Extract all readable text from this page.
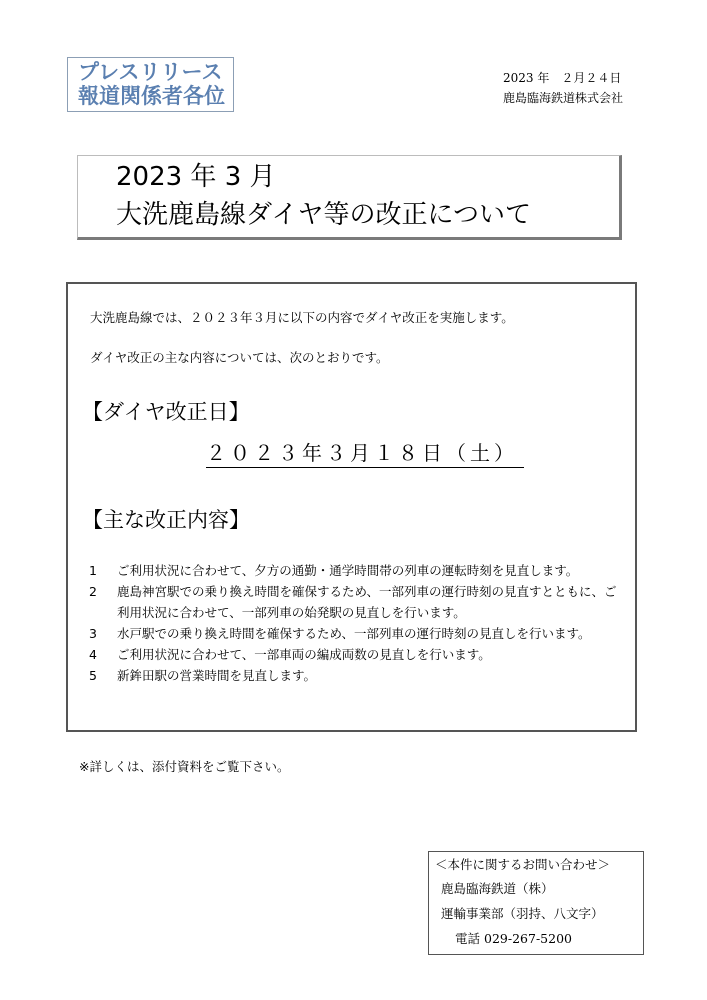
プレスリリース
報道関係者各位
2023 年　２月２４日
鹿島臨海鉄道株式会社
2023 年 3 月
大洗鹿島線ダイヤ等の改正について
大洗鹿島線では、２０２３年３月に以下の内容でダイヤ改正を実施します。
ダイヤ改正の主な内容については、次のとおりです。
【ダイヤ改正日】
２０２３年３月１８日（土）
【主な改正内容】
1	ご利用状況に合わせて、夕方の通勤・通学時間帯の列車の運転時刻を見直します。
2	鹿島神宮駅での乗り換え時間を確保するため、一部列車の運行時刻の見直すとともに、ご利用状況に合わせて、一部列車の始発駅の見直しを行います。
3	水戸駅での乗り換え時間を確保するため、一部列車の運行時刻の見直しを行います。
4	ご利用状況に合わせて、一部車両の編成両数の見直しを行います。
5	新鉾田駅の営業時間を見直します。
※詳しくは、添付資料をご覧下さい。
＜本件に関するお問い合わせ＞
鹿島臨海鉄道（株）
運輸事業部（羽持、八文字）
電話 029-267-5200
